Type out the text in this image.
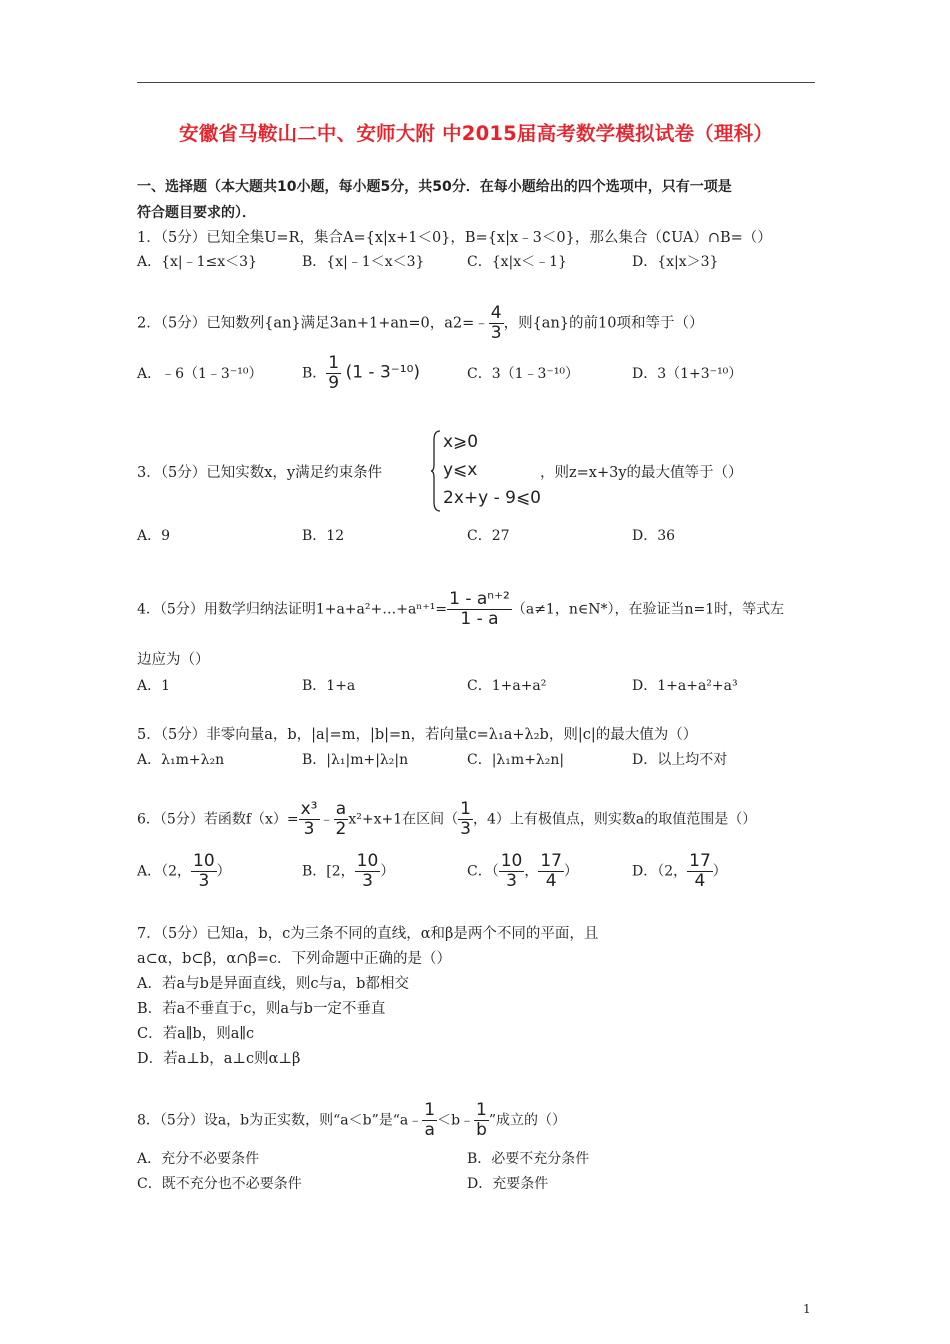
安徽省马鞍山二中、安师大附 中2015届高考数学模拟试卷（理科）
一、选择题（本大题共10小题，每小题5分，共50分．在每小题给出的四个选项中，只有一项是
符合题目要求的）．
1．（5分）已知全集U=R，集合A={x|x+1＜0}，B={x|x﹣3＜0}，那么集合（∁UA）∩B=（）
A．{x|﹣1≤x＜3}	B．{x|﹣1＜x＜3}	C．{x|x＜﹣1}	D．{x|x＞3}
2．（5分）已知数列{an}满足3an+1+an=0，a2=﹣ $\frac{4}{3}$ ，则{an}的前10项和等于（）
A．﹣6（1﹣3⁻¹⁰）	B． $\frac{1}{9} (1 - 3^{-10})$	C．3（1﹣3⁻¹⁰）	D．3（1+3⁻¹⁰）
3．（5分）已知实数x，y满足约束条件
x⩾0
y⩽x
2x+y - 9⩽0
，则z=x+3y的最大值等于（）
A．9	B．12	C．27	D．36
4．（5分）用数学归纳法证明1+a+a²+…+aⁿ⁺¹= $\frac{\text{1 - aⁿ⁺²}}{1 - a} (a\ne 1$，n∈N*），在验证当n=1时，等式左
边应为（）
A．1	B．1+a	C．1+a+a²	D．1+a+a²+a³
5．（5分）非零向量a，b，|a|=m，|b|=n，若向量c=λ₁a+λ₂b，则|c|的最大值为（）
A．λ₁m+λ₂n	B．|λ₁|m+|λ₂|n	C．|λ₁m+λ₂n|	D．以上均不对
6．（5分）若函数$f(x)= \frac{\text{x³}}{3}$ ﹣ $\frac{a}{2} x^2+x+1$在区间（ $\frac{1}{3}$ ，4）上有极值点，则实数a的取值范围是（）
A．（2， $\frac{10}{3}$ ）	B．[2， $\frac{10}{3}$ ）	C．（ $\frac{10}{3}$ ， $\frac{17}{4}$ ）	D．（2， $\frac{17}{4}$ ）
7．（5分）已知a，b，c为三条不同的直线，α和β是两个不同的平面，且
a⊂α，b⊂β，α∩β=c．下列命题中正确的是（）
A．若a与b是异面直线，则c与a，b都相交
B．若a不垂直于c，则a与b一定不垂直
C．若a∥b，则a∥c
D．若a⊥b，a⊥c则α⊥β
8．（5分）设a，b为正实数，则“a＜b”是“a﹣ $\frac{1}{a}$ ＜b﹣ $\frac{1}{b}$ ”成立的（）
A．充分不必要条件	B．必要不充分条件
C．既不充分也不必要条件	D．充要条件
1
